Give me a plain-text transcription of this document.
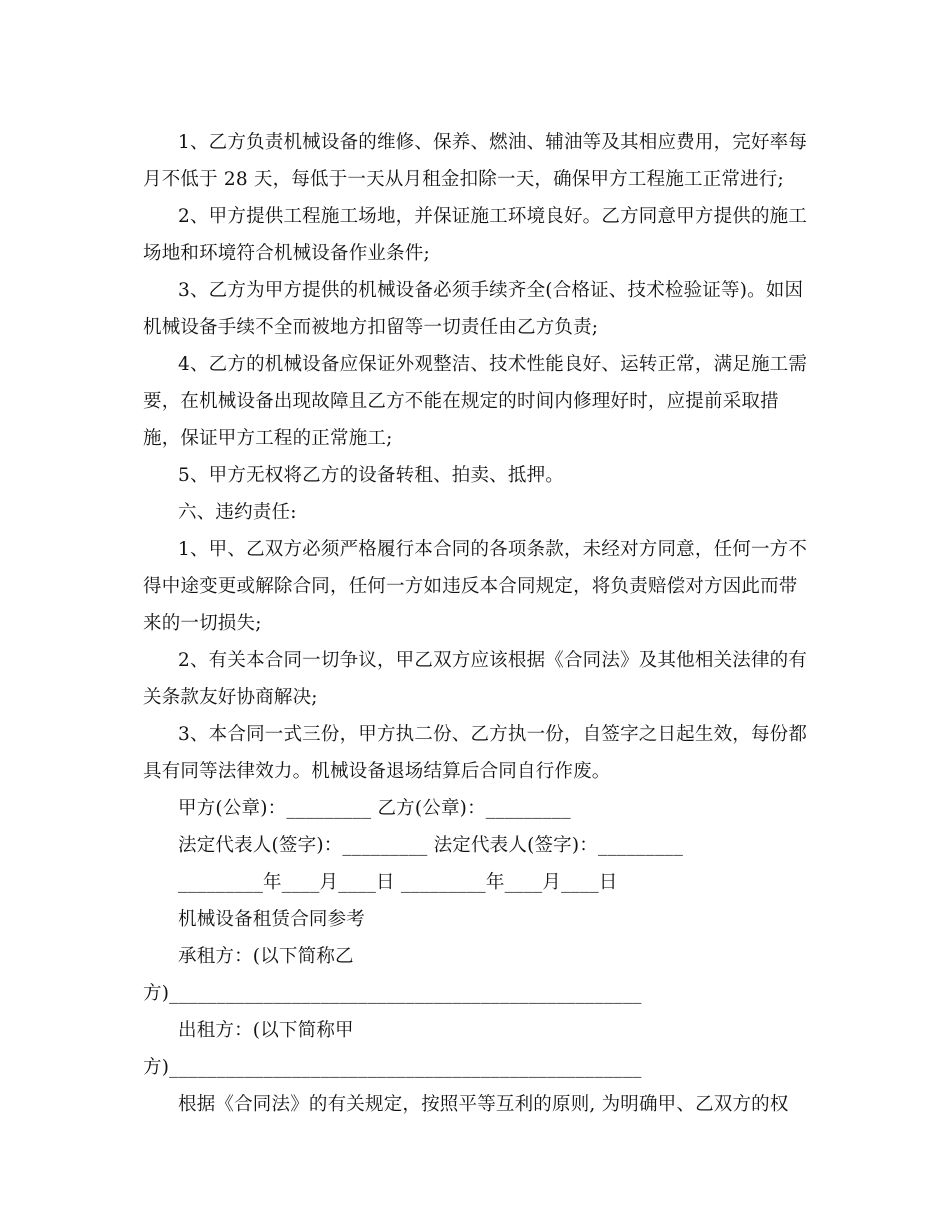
1、乙方负责机械设备的维修、保养、燃油、辅油等及其相应费用，完好率每
月不低于 28 天，每低于一天从月租金扣除一天，确保甲方工程施工正常进行;
2、甲方提供工程施工场地，并保证施工环境良好。乙方同意甲方提供的施工
场地和环境符合机械设备作业条件;
3、乙方为甲方提供的机械设备必须手续齐全(合格证、技术检验证等)。如因
机械设备手续不全而被地方扣留等一切责任由乙方负责;
4、乙方的机械设备应保证外观整洁、技术性能良好、运转正常，满足施工需
要，在机械设备出现故障且乙方不能在规定的时间内修理好时，应提前采取措
施，保证甲方工程的正常施工;
5、甲方无权将乙方的设备转租、拍卖、抵押。
六、违约责任:
1、甲、乙双方必须严格履行本合同的各项条款，未经对方同意，任何一方不
得中途变更或解除合同，任何一方如违反本合同规定，将负责赔偿对方因此而带
来的一切损失;
2、有关本合同一切争议，甲乙双方应该根据《合同法》及其他相关法律的有
关条款友好协商解决;
3、本合同一式三份，甲方执二份、乙方执一份，自签字之日起生效，每份都
具有同等法律效力。机械设备退场结算后合同自行作废。
甲方(公章)：_________ 乙方(公章)：_________
法定代表人(签字)：_________ 法定代表人(签字)：_________
_________年____月____日 _________年____月____日
机械设备租赁合同参考
承租方：(以下简称乙
方)__________________________________________________
出租方：(以下简称甲
方)__________________________________________________
根据《合同法》的有关规定，按照平等互利的原则, 为明确甲、乙双方的权
